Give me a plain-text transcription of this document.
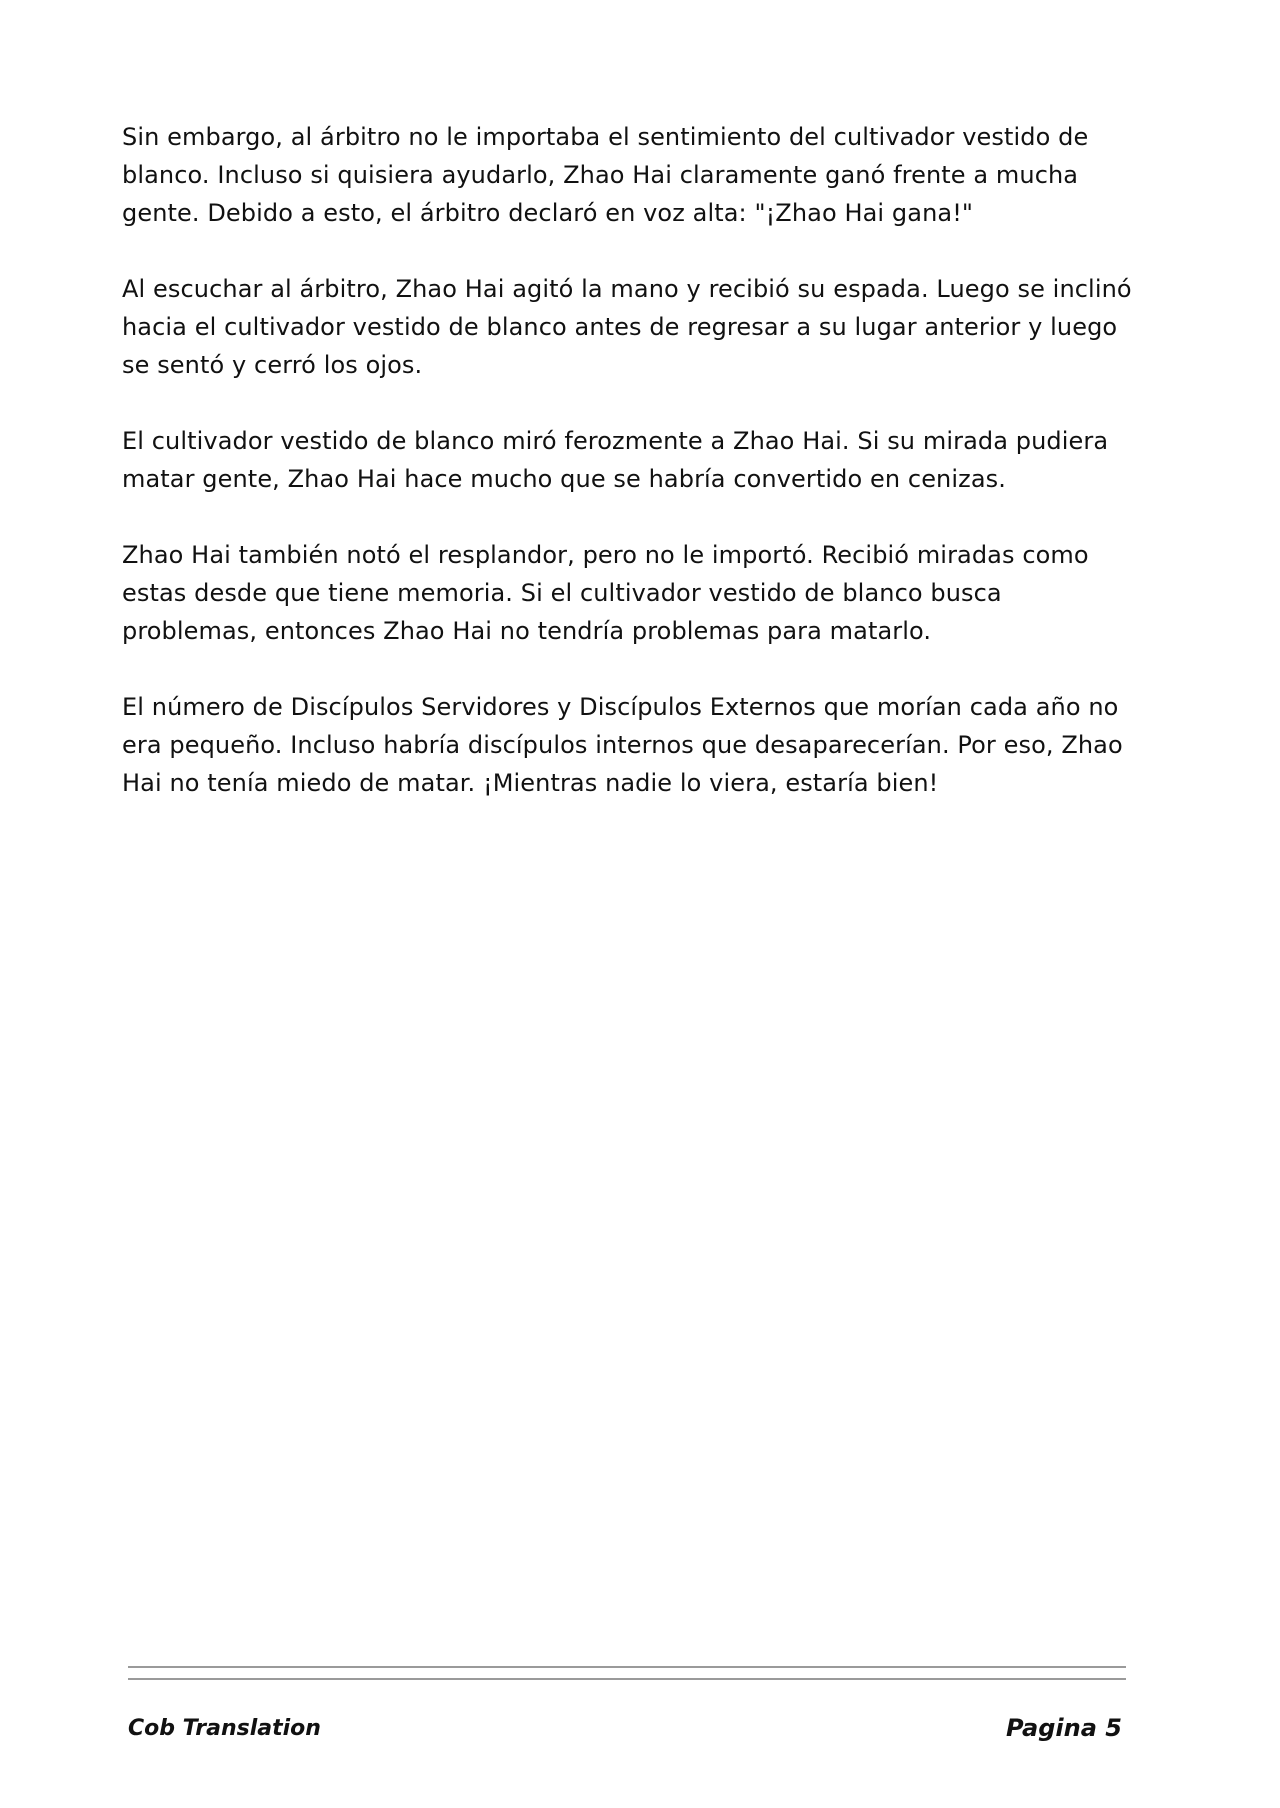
Sin embargo, al árbitro no le importaba el sentimiento del cultivador vestido de blanco. Incluso si quisiera ayudarlo, Zhao Hai claramente ganó frente a mucha gente. Debido a esto, el árbitro declaró en voz alta: "¡Zhao Hai gana!"

Al escuchar al árbitro, Zhao Hai agitó la mano y recibió su espada. Luego se inclinó hacia el cultivador vestido de blanco antes de regresar a su lugar anterior y luego se sentó y cerró los ojos.

El cultivador vestido de blanco miró ferozmente a Zhao Hai. Si su mirada pudiera matar gente, Zhao Hai hace mucho que se habría convertido en cenizas.

Zhao Hai también notó el resplandor, pero no le importó. Recibió miradas como estas desde que tiene memoria. Si el cultivador vestido de blanco busca problemas, entonces Zhao Hai no tendría problemas para matarlo.

El número de Discípulos Servidores y Discípulos Externos que morían cada año no era pequeño. Incluso habría discípulos internos que desaparecerían. Por eso, Zhao Hai no tenía miedo de matar. ¡Mientras nadie lo viera, estaría bien!

Cob Translation	Pagina 5
